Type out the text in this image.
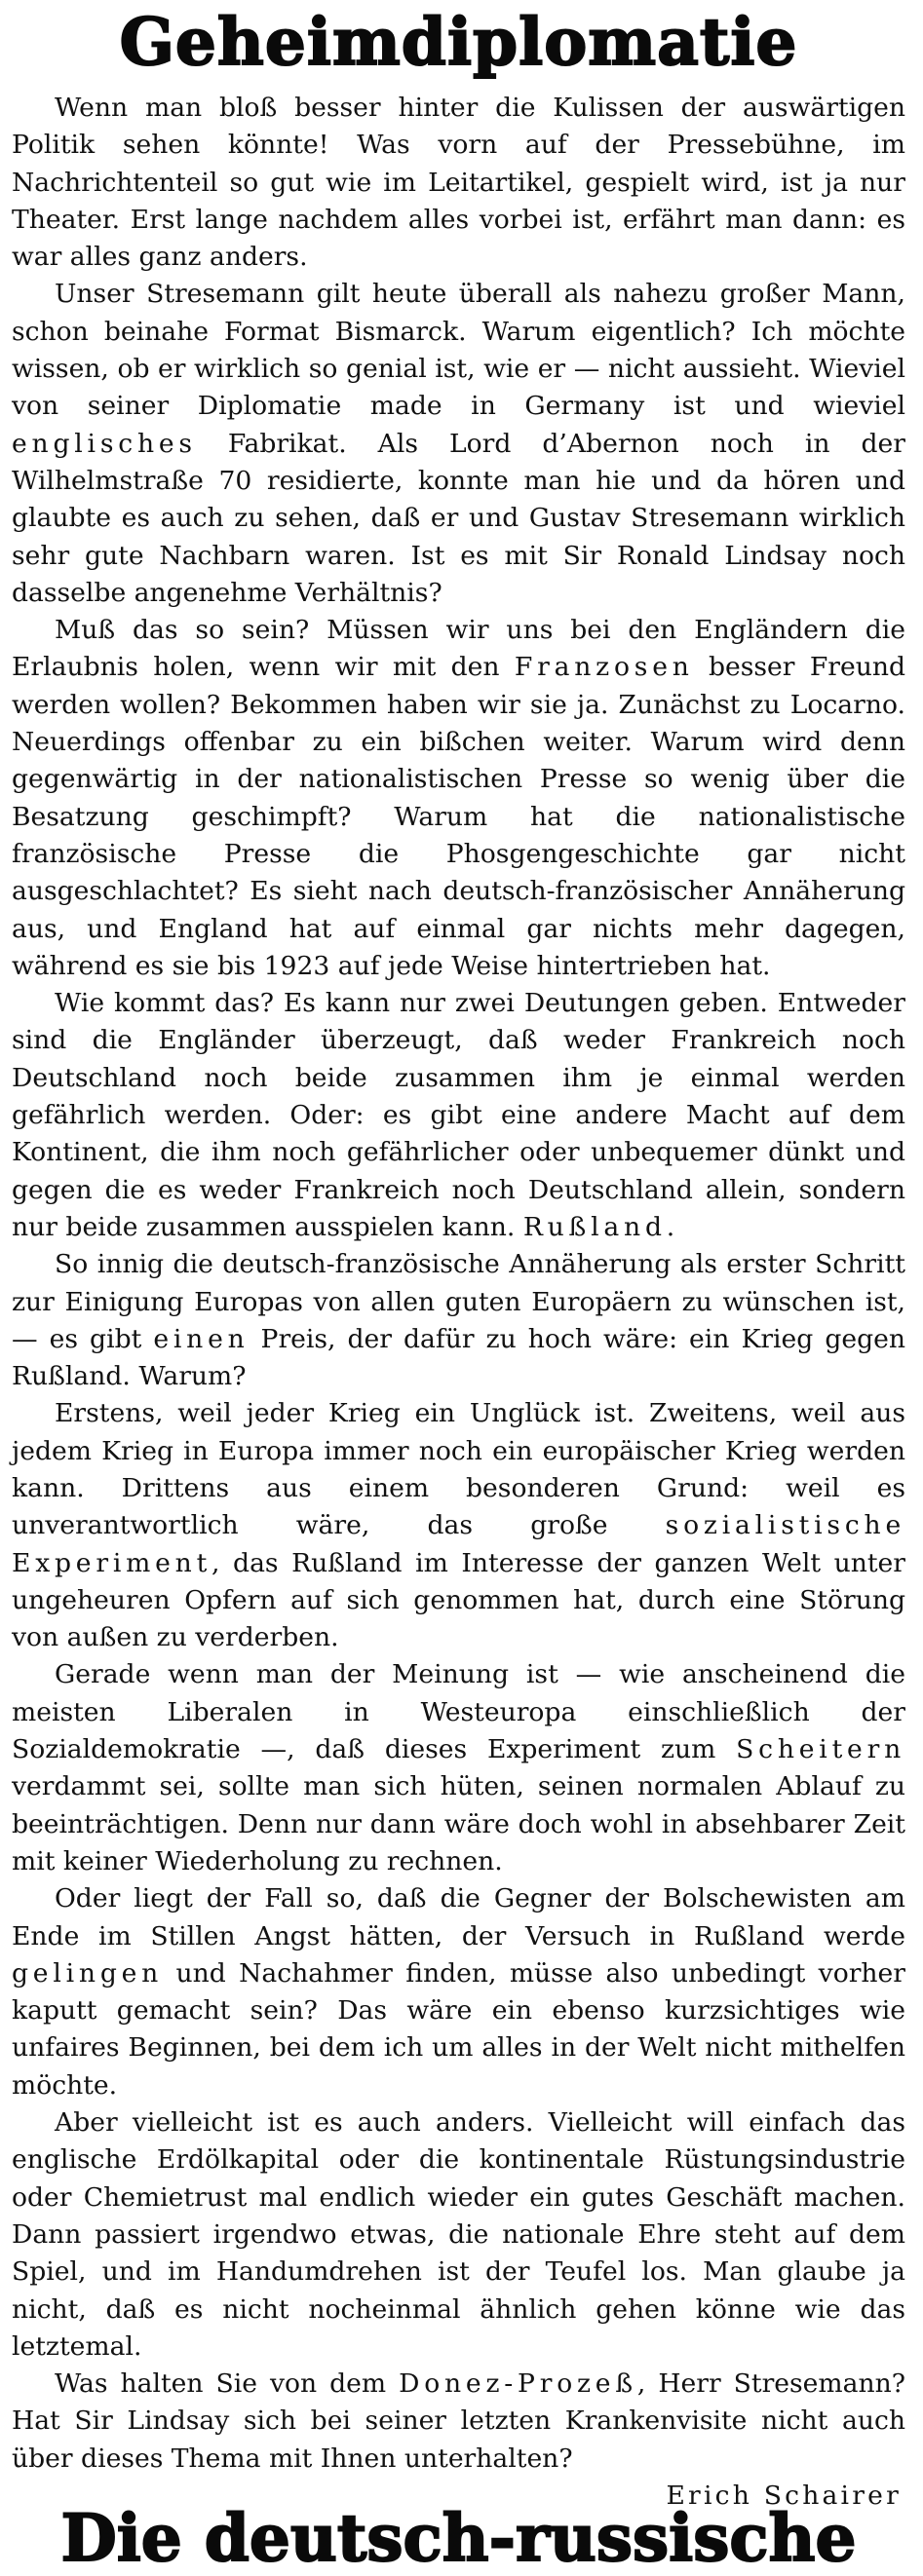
Geheimdiplomatie

Wenn man bloß besser hinter die Kulissen der auswärtigen Politik sehen könnte! Was vorn auf der Pressebühne, im Nachrichtenteil so gut wie im Leitartikel, gespielt wird, ist ja nur Theater. Erst lange nachdem alles vorbei ist, erfährt man dann: es war alles ganz anders.

Unser Stresemann gilt heute überall als nahezu großer Mann, schon beinahe Format Bismarck. Warum eigentlich? Ich möchte wissen, ob er wirklich so genial ist, wie er — nicht aussieht. Wieviel von seiner Diplomatie made in Germany ist und wieviel englisches Fabrikat. Als Lord d’Abernon noch in der Wilhelmstraße 70 residierte, konnte man hie und da hören und glaubte es auch zu sehen, daß er und Gustav Stresemann wirklich sehr gute Nachbarn waren. Ist es mit Sir Ronald Lindsay noch dasselbe angenehme Verhältnis?

Muß das so sein? Müssen wir uns bei den Engländern die Erlaubnis holen, wenn wir mit den Franzosen besser Freund werden wollen? Bekommen haben wir sie ja. Zunächst zu Locarno. Neuerdings offenbar zu ein bißchen weiter. Warum wird denn gegenwärtig in der nationalistischen Presse so wenig über die Besatzung geschimpft? Warum hat die nationalistische französische Presse die Phosgengeschichte gar nicht ausgeschlachtet? Es sieht nach deutsch-französischer Annäherung aus, und England hat auf einmal gar nichts mehr dagegen, während es sie bis 1923 auf jede Weise hintertrieben hat.

Wie kommt das? Es kann nur zwei Deutungen geben. Entweder sind die Engländer überzeugt, daß weder Frankreich noch Deutschland noch beide zusammen ihm je einmal werden gefährlich werden. Oder: es gibt eine andere Macht auf dem Kontinent, die ihm noch gefährlicher oder unbequemer dünkt und gegen die es weder Frankreich noch Deutschland allein, sondern nur beide zusammen ausspielen kann. Rußland.

So innig die deutsch-französische Annäherung als erster Schritt zur Einigung Europas von allen guten Europäern zu wünschen ist, — es gibt einen Preis, der dafür zu hoch wäre: ein Krieg gegen Rußland. Warum?

Erstens, weil jeder Krieg ein Unglück ist. Zweitens, weil aus jedem Krieg in Europa immer noch ein europäischer Krieg werden kann. Drittens aus einem besonderen Grund: weil es unverantwortlich wäre, das große sozialistische Experiment, das Rußland im Interesse der ganzen Welt unter ungeheuren Opfern auf sich genommen hat, durch eine Störung von außen zu verderben.

Gerade wenn man der Meinung ist — wie anscheinend die meisten Liberalen in Westeuropa einschließlich der Sozialdemokratie —, daß dieses Experiment zum Scheitern verdammt sei, sollte man sich hüten, seinen normalen Ablauf zu beeinträchtigen. Denn nur dann wäre doch wohl in absehbarer Zeit mit keiner Wiederholung zu rechnen.

Oder liegt der Fall so, daß die Gegner der Bolschewisten am Ende im Stillen Angst hätten, der Versuch in Rußland werde gelingen und Nachahmer finden, müsse also unbedingt vorher kaputt gemacht sein? Das wäre ein ebenso kurzsichtiges wie unfaires Beginnen, bei dem ich um alles in der Welt nicht mithelfen möchte.

Aber vielleicht ist es auch anders. Vielleicht will einfach das englische Erdölkapital oder die kontinentale Rüstungsindustrie oder Chemietrust mal endlich wieder ein gutes Geschäft machen. Dann passiert irgendwo etwas, die nationale Ehre steht auf dem Spiel, und im Handumdrehen ist der Teufel los. Man glaube ja nicht, daß es nicht nocheinmal ähnlich gehen könne wie das letztemal.

Was halten Sie von dem Donez-Prozeß, Herr Stresemann? Hat Sir Lindsay sich bei seiner letzten Krankenvisite nicht auch über dieses Thema mit Ihnen unterhalten?

Erich Schairer

Die deutsch-russische
